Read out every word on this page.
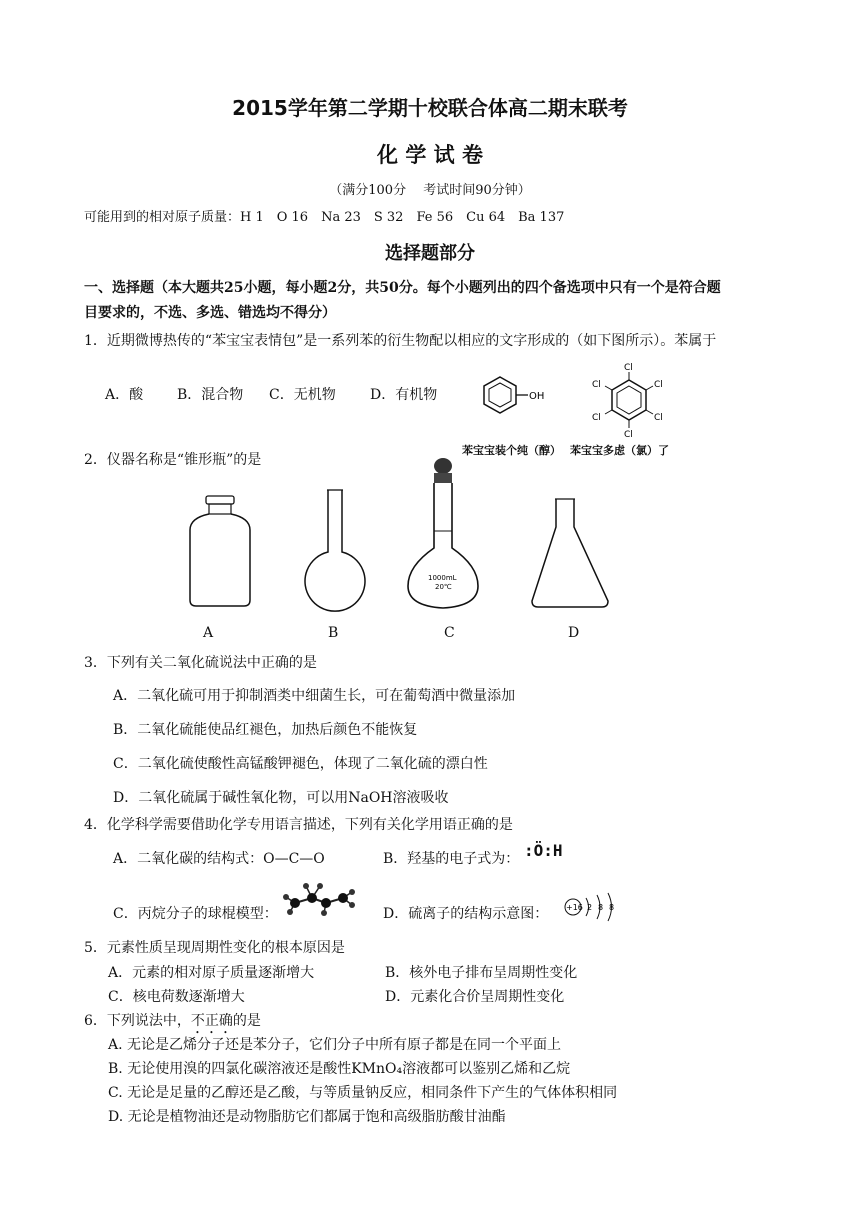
2015学年第二学期十校联合体高二期末联考
化 学 试 卷
（满分100分　 考试时间90分钟）
可能用到的相对原子质量：H 1　O 16　Na 23　S 32　Fe 56　Cu 64　Ba 137
选择题部分
一、选择题（本大题共25小题，每小题2分，共50分。每个小题列出的四个备选项中只有一个是符合题
目要求的，不选、多选、错选均不得分）
1．近期微博热传的“苯宝宝表情包”是一系列苯的衍生物配以相应的文字形成的（如下图所示）。苯属于
A．酸 B．混合物 C．无机物 D．有机物	OH
Cl
Cl
Cl
Cl
Cl
Cl
苯宝宝装个纯（醇） 苯宝宝多虑（氯）了
2．仪器名称是“锥形瓶”的是
1000mL
20℃
A	B	C	D
3．下列有关二氧化硫说法中正确的是
A．二氧化硫可用于抑制酒类中细菌生长，可在葡萄酒中微量添加
B．二氧化硫能使品红褪色，加热后颜色不能恢复
C．二氧化硫使酸性高锰酸钾褪色，体现了二氧化硫的漂白性
D．二氧化硫属于碱性氧化物，可以用NaOH溶液吸收
4．化学科学需要借助化学专用语言描述，下列有关化学用语正确的是
A．二氧化碳的结构式：O—C—O	B．羟基的电子式为： :Ö:H
C．丙烷分子的球棍模型：	D．硫离子的结构示意图： +16 2 8 8
5．元素性质呈现周期性变化的根本原因是
A．元素的相对原子质量逐渐增大	B．核外电子排布呈周期性变化
C．核电荷数逐渐增大	D．元素化合价呈周期性变化
6．下列说法中，不正确的是
A. 无论是乙烯分子还是苯分子，它们分子中所有原子都是在同一个平面上
B. 无论使用溴的四氯化碳溶液还是酸性KMnO₄溶液都可以鉴别乙烯和乙烷
C. 无论是足量的乙醇还是乙酸，与等质量钠反应，相同条件下产生的气体体积相同
D. 无论是植物油还是动物脂肪它们都属于饱和高级脂肪酸甘油酯
